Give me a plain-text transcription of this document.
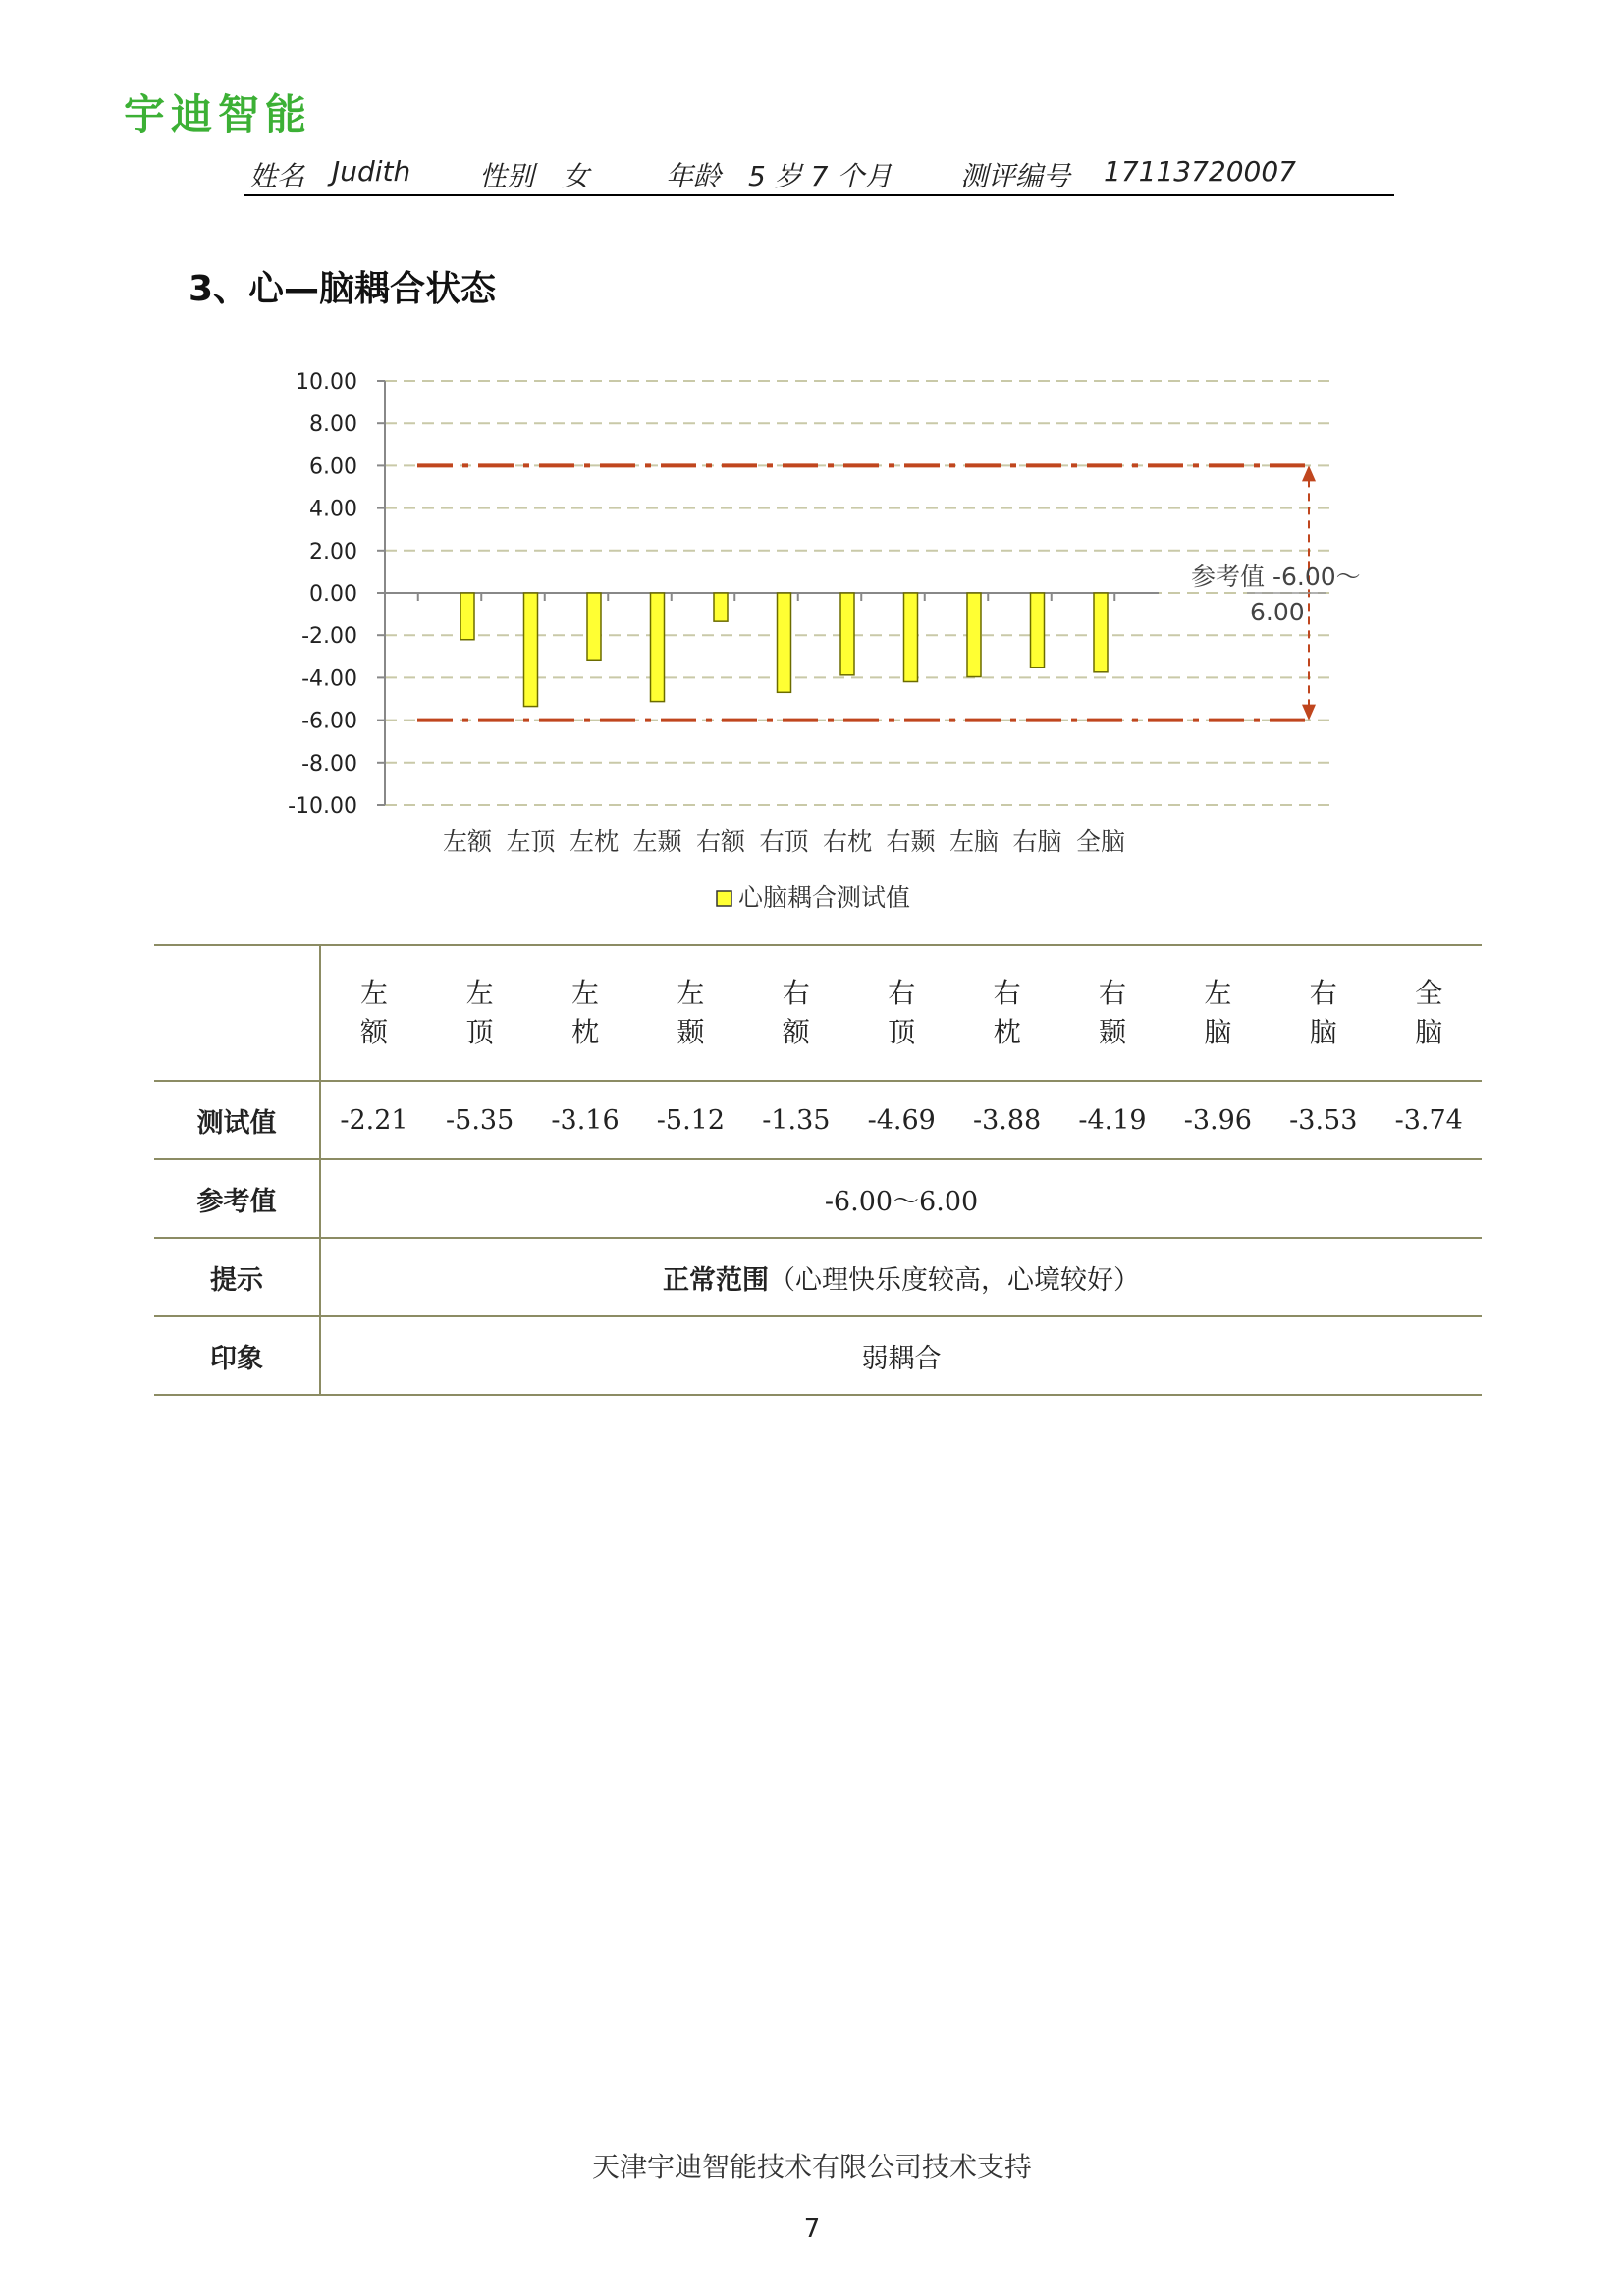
宇迪智能
姓名 Judith 性别 女	年龄 5 岁 7 个月 测评编号 17113720007
3、心—脑耦合状态
10.00
8.00
6.00
4.00
2.00
0.00
-2.00
-4.00
-6.00
-8.00
-10.00
左额 左顶 左枕 左颞 右额 右顶 右枕 右颞 左脑 右脑 全脑
参考值 -6.00～
6.00
心脑耦合测试值
	左额	左顶	左枕	左颞	右额	右顶	右枕	右颞	左脑	右脑	全脑
测试值	-2.21	-5.35	-3.16	-5.12	-1.35	-4.69	-3.88	-4.19	-3.96	-3.53	-3.74
参考值	-6.00～6.00										
提示	正常范围（心理快乐度较高，心境较好）										
印象	弱耦合										
天津宇迪智能技术有限公司技术支持
7
